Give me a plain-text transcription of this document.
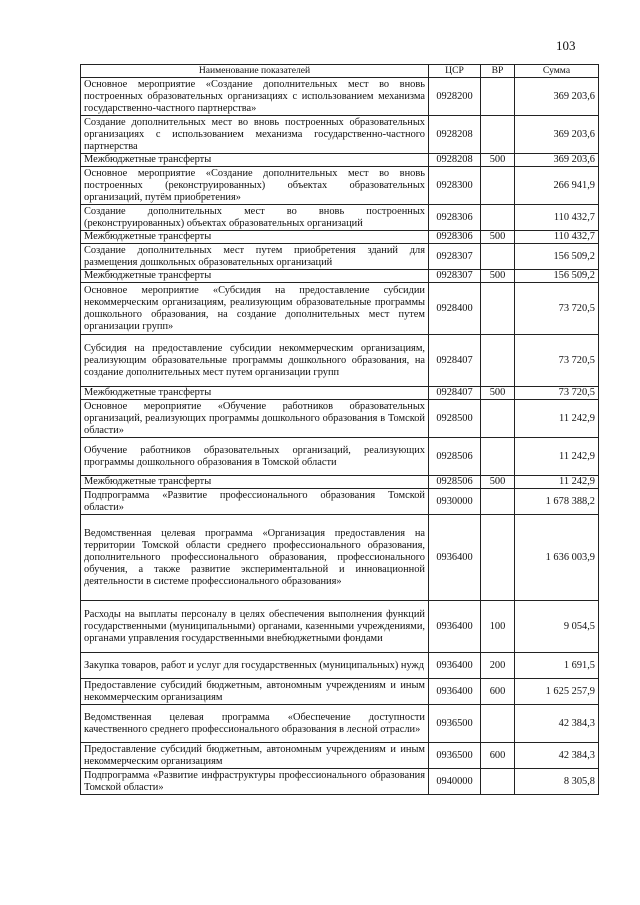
103
Наименование показателей	ЦСР	ВР	Сумма
Основное мероприятие «Создание дополнительных мест во вновь построенных образовательных организациях с использованием механизма государственно-частного партнерства»	0928200		369 203,6
Создание дополнительных мест во вновь построенных образовательных организациях с использованием механизма государственно-частного партнерства	0928208		369 203,6
Межбюджетные трансферты	0928208	500	369 203,6
Основное мероприятие «Создание дополнительных мест во вновь построенных (реконструированных) объектах образовательных организаций, путём приобретения»	0928300		266 941,9
Создание дополнительных мест во вновь построенных (реконструированных) объектах образовательных организаций	0928306		110 432,7
Межбюджетные трансферты	0928306	500	110 432,7
Создание дополнительных мест путем приобретения зданий для размещения дошкольных образовательных организаций	0928307		156 509,2
Межбюджетные трансферты	0928307	500	156 509,2
Основное мероприятие «Субсидия на предоставление субсидии некоммерческим организациям, реализующим образовательные программы дошкольного образования, на создание дополнительных мест путем организации групп»	0928400		73 720,5
Субсидия на предоставление субсидии некоммерческим организациям, реализующим образовательные программы дошкольного образования, на создание дополнительных мест путем организации групп	0928407		73 720,5
Межбюджетные трансферты	0928407	500	73 720,5
Основное мероприятие «Обучение работников образовательных организаций, реализующих программы дошкольного образования в Томской области»	0928500		11 242,9
Обучение работников образовательных организаций, реализующих программы дошкольного образования в Томской области	0928506		11 242,9
Межбюджетные трансферты	0928506	500	11 242,9
Подпрограмма «Развитие профессионального образования Томской области»	0930000		1 678 388,2
Ведомственная целевая программа «Организация предоставления на территории Томской области среднего профессионального образования, дополнительного профессионального образования, профессионального обучения, а также развитие экспериментальной и инновационной деятельности в системе профессионального образования»	0936400		1 636 003,9
Расходы на выплаты персоналу в целях обеспечения выполнения функций государственными (муниципальными) органами, казенными учреждениями, органами управления государственными внебюджетными фондами	0936400	100	9 054,5
Закупка товаров, работ и услуг для государственных (муниципальных) нужд	0936400	200	1 691,5
Предоставление субсидий бюджетным, автономным учреждениям и иным некоммерческим организациям	0936400	600	1 625 257,9
Ведомственная целевая программа «Обеспечение доступности качественного среднего профессионального образования в лесной отрасли»	0936500		42 384,3
Предоставление субсидий бюджетным, автономным учреждениям и иным некоммерческим организациям	0936500	600	42 384,3
Подпрограмма «Развитие инфраструктуры профессионального образования Томской области»	0940000		8 305,8
